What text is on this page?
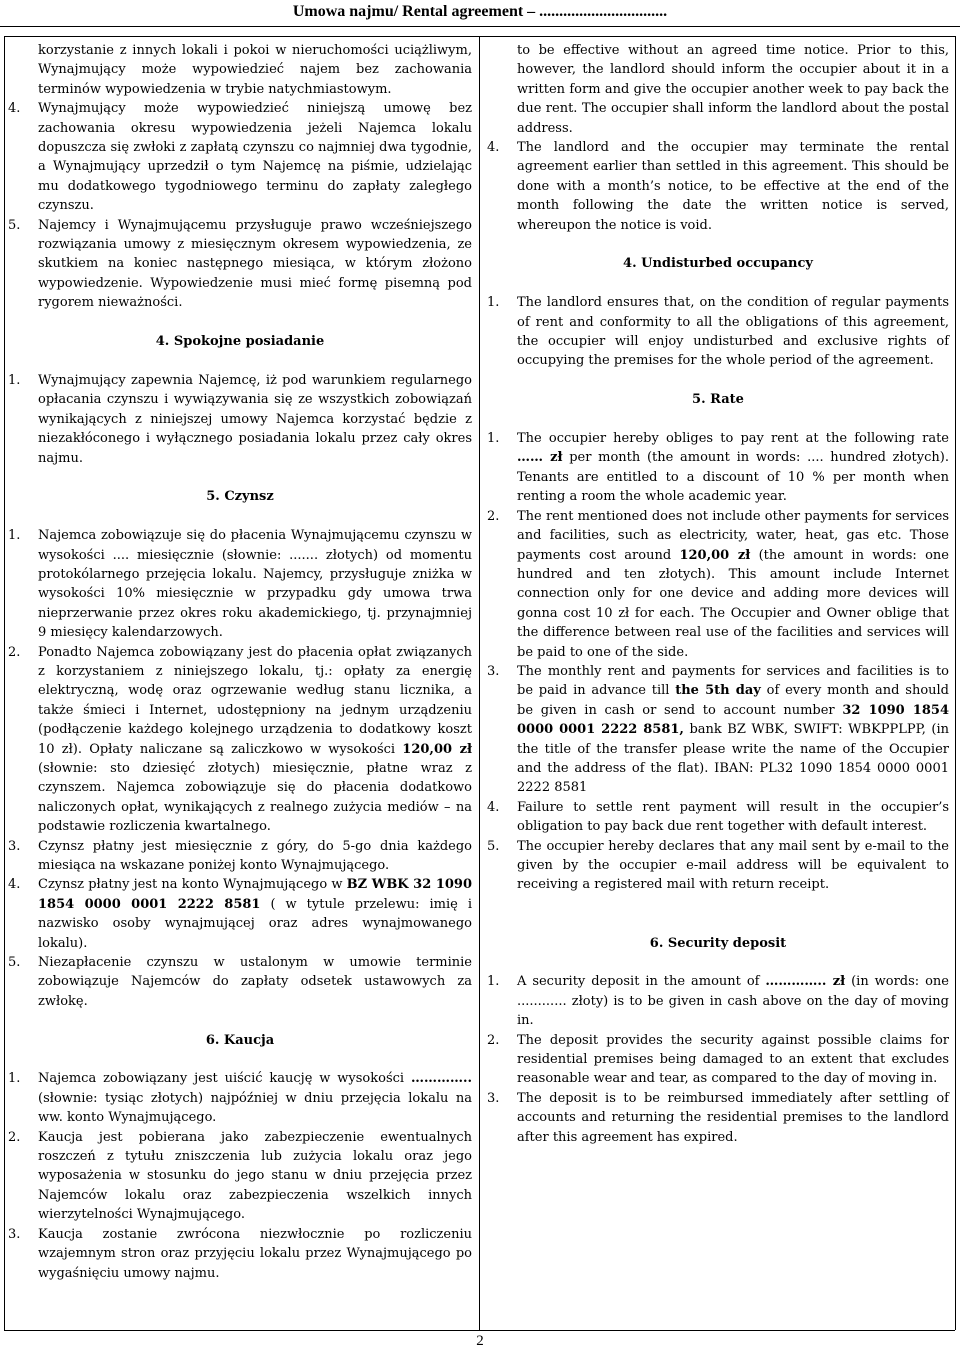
Umowa najmu/ Rental agreement – ................................

korzystanie z innych lokali i pokoi w nieruchomości uciążliwym, Wynajmujący może wypowiedzieć najem bez zachowania terminów wypowiedzenia w trybie natychmiastowym.

4. Wynajmujący może wypowiedzieć niniejszą umowę bez zachowania okresu wypowiedzenia jeżeli Najemca lokalu dopuszcza się zwłoki z zapłatą czynszu co najmniej dwa tygodnie, a Wynajmujący uprzedził o tym Najemcę na piśmie, udzielając mu dodatkowego tygodniowego terminu do zapłaty zaległego czynszu.
5. Najemcy i Wynajmującemu przysługuje prawo wcześniejszego rozwiązania umowy z miesięcznym okresem wypowiedzenia, ze skutkiem na koniec następnego miesiąca, w którym złożono wypowiedzenie. Wypowiedzenie musi mieć formę pisemną pod rygorem nieważności.

4. Spokojne posiadanie

1. Wynajmujący zapewnia Najemcę, iż pod warunkiem regularnego opłacania czynszu i wywiązywania się ze wszystkich zobowiązań wynikających z niniejszej umowy Najemca korzystać będzie z niezakłóconego i wyłącznego posiadania lokalu przez cały okres najmu.

5. Czynsz

1. Najemca zobowiązuje się do płacenia Wynajmującemu czynszu w wysokości .... miesięcznie (słownie: ....... złotych) od momentu protokólarnego przejęcia lokalu. Najemcy, przysługuje zniżka w wysokości 10% miesięcznie w przypadku gdy umowa trwa nieprzerwanie przez okres roku akademickiego, tj. przynajmniej 9 miesięcy kalendarzowych.
2. Ponadto Najemca zobowiązany jest do płacenia opłat związanych z korzystaniem z niniejszego lokalu, tj.: opłaty za energię elektryczną, wodę oraz ogrzewanie według stanu licznika, a także śmieci i Internet, udostępniony na jednym urządzeniu (podłączenie każdego kolejnego urządzenia to dodatkowy koszt 10 zł). Opłaty naliczane są zaliczkowo w wysokości 120,00 zł (słownie: sto dziesięć złotych) miesięcznie, płatne wraz z czynszem. Najemca zobowiązuje się do płacenia dodatkowo naliczonych opłat, wynikających z realnego zużycia mediów – na podstawie rozliczenia kwartalnego.
3. Czynsz płatny jest miesięcznie z góry, do 5-go dnia każdego miesiąca na wskazane poniżej konto Wynajmującego.
4. Czynsz płatny jest na konto Wynajmującego w BZ WBK 32 1090 1854 0000 0001 2222 8581 ( w tytule przelewu: imię i nazwisko osoby wynajmującej oraz adres wynajmowanego lokalu).
5. Niezapłacenie czynszu w ustalonym w umowie terminie zobowiązuje Najemców do zapłaty odsetek ustawowych za zwłokę.

6. Kaucja

1. Najemca zobowiązany jest uiścić kaucję w wysokości ………….. (słownie: tysiąc złotych) najpóźniej w dniu przejęcia lokalu na ww. konto Wynajmującego.
2. Kaucja jest pobierana jako zabezpieczenie ewentualnych roszczeń z tytułu zniszczenia lub zużycia lokalu oraz jego wyposażenia w stosunku do jego stanu w dniu przejęcia przez Najemców lokalu oraz zabezpieczenia wszelkich innych wierzytelności Wynajmującego.
3. Kaucja zostanie zwrócona niezwłocznie po rozliczeniu wzajemnym stron oraz przyjęciu lokalu przez Wynajmującego po wygaśnięciu umowy najmu.

to be effective without an agreed time notice. Prior to this, however, the landlord should inform the occupier about it in a written form and give the occupier another week to pay back the due rent. The occupier shall inform the landlord about the postal address.

4. The landlord and the occupier may terminate the rental agreement earlier than settled in this agreement. This should be done with a month’s notice, to be effective at the end of the month following the date the written notice is served, whereupon the notice is void.

4. Undisturbed occupancy

1. The landlord ensures that, on the condition of regular payments of rent and conformity to all the obligations of this agreement, the occupier will enjoy undisturbed and exclusive rights of occupying the premises for the whole period of the agreement.

5. Rate

1. The occupier hereby obliges to pay rent at the following rate …… zł per month (the amount in words: .... hundred złotych). Tenants are entitled to a discount of 10 % per month when renting a room the whole academic year.
2. The rent mentioned does not include other payments for services and facilities, such as electricity, water, heat, gas etc. Those payments cost around 120,00 zł (the amount in words: one hundred and ten złotych). This amount include Internet connection only for one device and adding more devices will gonna cost 10 zł for each. The Occupier and Owner oblige that the difference between real use of the facilities and services will be paid to one of the side.
3. The monthly rent and payments for services and facilities is to be paid in advance till the 5th day of every month and should be given in cash or send to account number 32 1090 1854 0000 0001 2222 8581, bank BZ WBK, SWIFT: WBKPPLPP, (in the title of the transfer please write the name of the Occupier and the address of the flat). IBAN: PL32 1090 1854 0000 0001 2222 8581
4. Failure to settle rent payment will result in the occupier’s obligation to pay back due rent together with default interest.
5. The occupier hereby declares that any mail sent by e-mail to the given by the occupier e-mail address will be equivalent to receiving a registered mail with return receipt.

6. Security deposit

1. A security deposit in the amount of ………….. zł (in words: one ............ złoty) is to be given in cash above on the day of moving in.
2. The deposit provides the security against possible claims for residential premises being damaged to an extent that excludes reasonable wear and tear, as compared to the day of moving in.
3. The deposit is to be reimbursed immediately after settling of accounts and returning the residential premises to the landlord after this agreement has expired.
2
